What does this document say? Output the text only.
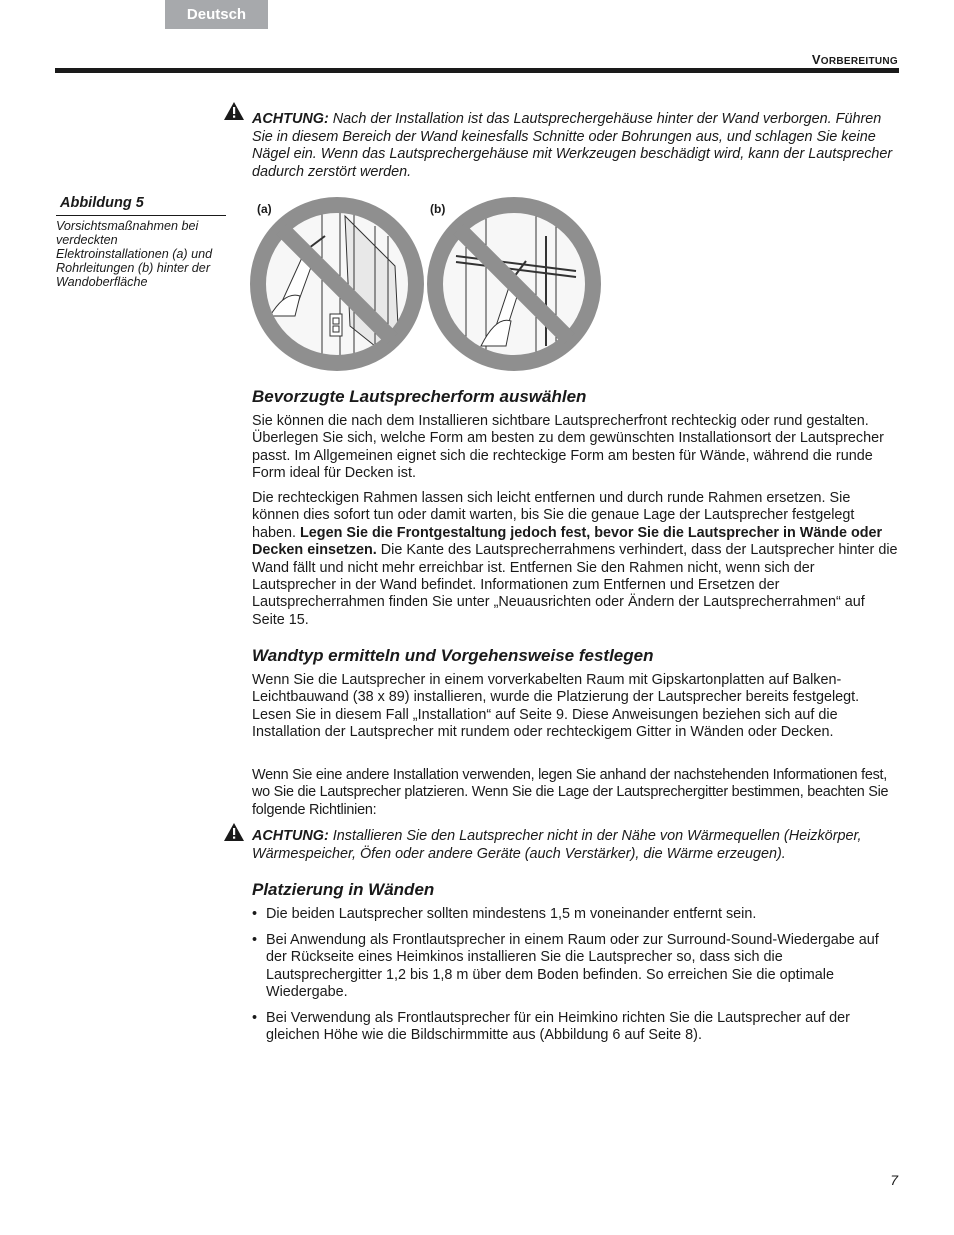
Deutsch
VORBEREITUNG
ACHTUNG: Nach der Installation ist das Lautsprechergehäuse hinter der Wand verborgen. Führen Sie in diesem Bereich der Wand keinesfalls Schnitte oder Bohrungen aus, und schlagen Sie keine Nägel ein. Wenn das Lautsprechergehäuse mit Werkzeugen beschädigt wird, kann der Lautsprecher dadurch zerstört werden.
Abbildung 5
Vorsichtsmaßnahmen bei verdeckten Elektroinstallationen (a) und Rohrleitungen (b) hinter der Wandoberfläche
(a)	(b)
Bevorzugte Lautsprecherform auswählen

Sie können die nach dem Installieren sichtbare Lautsprecherfront rechteckig oder rund gestalten. Überlegen Sie sich, welche Form am besten zu dem gewünschten Installationsort der Lautsprecher passt. Im Allgemeinen eignet sich die rechteckige Form am besten für Wände, während die runde Form ideal für Decken ist.

Die rechteckigen Rahmen lassen sich leicht entfernen und durch runde Rahmen ersetzen. Sie können dies sofort tun oder damit warten, bis Sie die genaue Lage der Lautsprecher festgelegt haben. Legen Sie die Frontgestaltung jedoch fest, bevor Sie die Lautsprecher in Wände oder Decken einsetzen. Die Kante des Lautsprecherrahmens verhindert, dass der Lautsprecher hinter die Wand fällt und nicht mehr erreichbar ist. Entfernen Sie den Rahmen nicht, wenn sich der Lautsprecher in der Wand befindet. Informationen zum Entfernen und Ersetzen der Lautsprecherrahmen finden Sie unter „Neuausrichten oder Ändern der Lautsprecherrahmen“ auf Seite 15.

Wandtyp ermitteln und Vorgehensweise festlegen

Wenn Sie die Lautsprecher in einem vorverkabelten Raum mit Gipskartonplatten auf Balken-Leichtbauwand (38 x 89) installieren, wurde die Platzierung der Lautsprecher bereits festgelegt. Lesen Sie in diesem Fall „Installation“ auf Seite 9. Diese Anweisungen beziehen sich auf die Installation der Lautsprecher mit rundem oder rechteckigem Gitter in Wänden oder Decken.

Wenn Sie eine andere Installation verwenden, legen Sie anhand der nachstehenden Informationen fest, wo Sie die Lautsprecher platzieren. Wenn Sie die Lage der Lautsprechergitter bestimmen, beachten Sie folgende Richtlinien:

ACHTUNG: Installieren Sie den Lautsprecher nicht in der Nähe von Wärmequellen (Heizkörper, Wärmespeicher, Öfen oder andere Geräte (auch Verstärker), die Wärme erzeugen).
Platzierung in Wänden
• Die beiden Lautsprecher sollten mindestens 1,5 m voneinander entfernt sein.
• Bei Anwendung als Frontlautsprecher in einem Raum oder zur Surround-Sound-Wiedergabe auf der Rückseite eines Heimkinos installieren Sie die Lautsprecher so, dass sich die Lautsprechergitter 1,2 bis 1,8 m über dem Boden befinden. So erreichen Sie die optimale Wiedergabe.
• Bei Verwendung als Frontlautsprecher für ein Heimkino richten Sie die Lautsprecher auf der gleichen Höhe wie die Bildschirmmitte aus (Abbildung 6 auf Seite 8).
7
